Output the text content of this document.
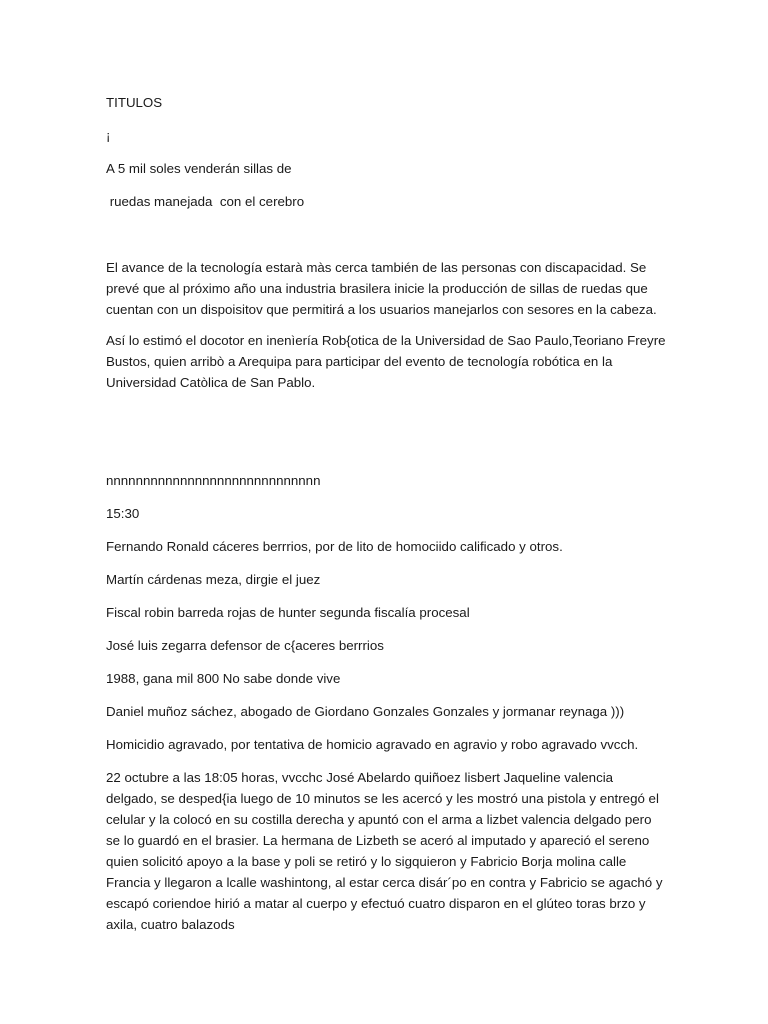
TITULOS

¡

A 5 mil soles venderán sillas de

ruedas manejada  con el cerebro

El avance de la tecnología estarà màs cerca también de las personas con discapacidad. Se prevé que al próximo año una industria brasilera inicie la producción de sillas de ruedas que cuentan con un dispoisitov que permitirá a los usuarios manejarlos con sesores en la cabeza.

Así lo estimó el docotor en inenìería Rob{otica de la Universidad de Sao Paulo,Teoriano Freyre Bustos, quien arribò a Arequipa para participar del evento de tecnología robótica en la Universidad Catòlica de San Pablo.

nnnnnnnnnnnnnnnnnnnnnnnnnnnnn

15:30

Fernando Ronald cáceres berrrios, por de lito de homociido calificado y otros.

Martín cárdenas meza, dirgie el juez

Fiscal robin barreda rojas de hunter segunda fiscalía procesal

José luis zegarra defensor de c{aceres berrrios

1988, gana mil 800 No sabe donde vive

Daniel muñoz sáchez, abogado de Giordano Gonzales Gonzales y jormanar reynaga )))

Homicidio agravado, por tentativa de homicio agravado en agravio y robo agravado vvcch.

22 octubre a las 18:05 horas, vvcchc José Abelardo quiñoez lisbert Jaqueline valencia delgado, se desped{ia luego de 10 minutos se les acercó y les mostró una pistola y entregó el celular y la colocó en su costilla derecha y apuntó con el arma a lizbet valencia delgado pero se lo guardó en el brasier. La hermana de Lizbeth se aceró al imputado y apareció el sereno quien solicitó apoyo a la base y poli se retiró y lo sigquieron y Fabricio Borja molina calle Francia y llegaron a lcalle washintong, al estar cerca disár´po en contra y Fabricio se agachó y escapó coriendoe hirió a matar al cuerpo y efectuó cuatro disparon en el glúteo toras brzo y axila, cuatro balazods
